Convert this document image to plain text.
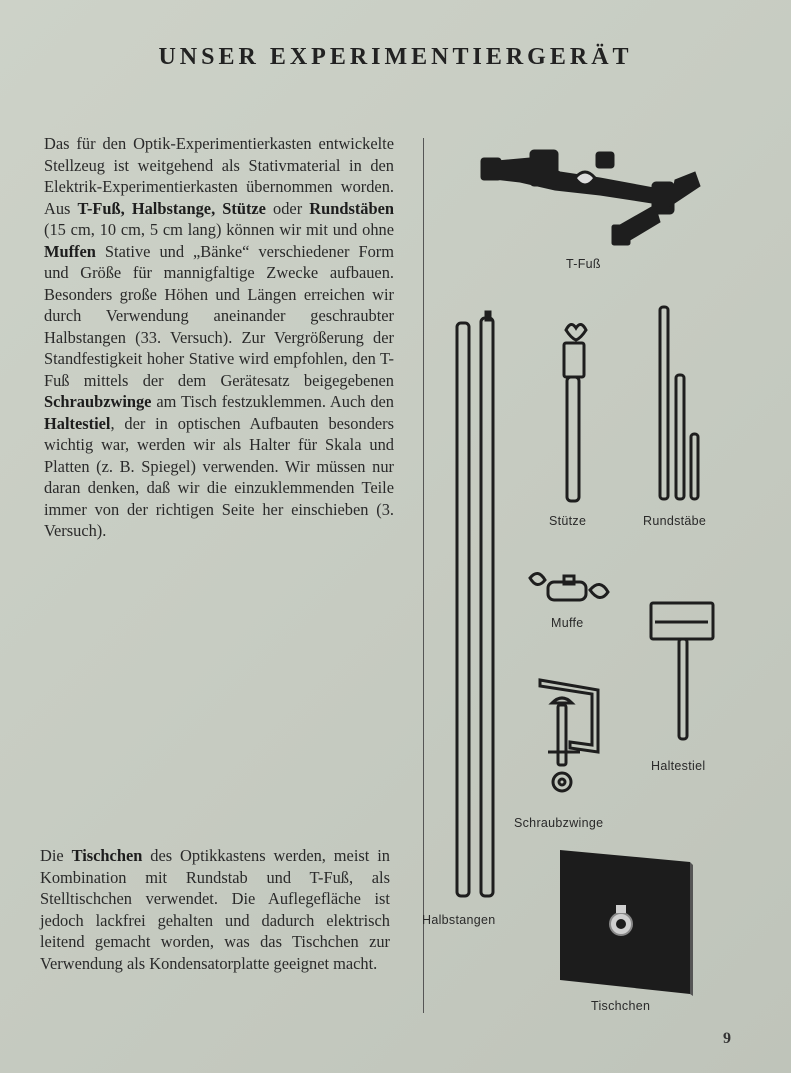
UNSER EXPERIMENTIERGERÄT
Das für den Optik-Experimentierkasten entwickelte Stellzeug ist weitgehend als Stativmaterial in den Elektrik-Experimentierkasten übernommen worden. Aus T-Fuß, Halbstange, Stütze oder Rundstäben (15 cm, 10 cm, 5 cm lang) können wir mit und ohne Muffen Stative und „Bänke“ verschiedener Form und Größe für mannigfaltige Zwecke aufbauen. Besonders große Höhen und Längen erreichen wir durch Verwendung aneinander geschraubter Halbstangen (33. Versuch). Zur Vergrößerung der Standfestigkeit hoher Stative wird empfohlen, den T-Fuß mittels der dem Gerätesatz beigegebenen Schraubzwinge am Tisch festzuklemmen. Auch den Haltestiel, der in optischen Aufbauten besonders wichtig war, werden wir als Halter für Skala und Platten (z. B. Spiegel) verwenden. Wir müssen nur daran denken, daß wir die einzuklemmenden Teile immer von der richtigen Seite her einschieben (3. Versuch).
Die Tischchen des Optikkastens werden, meist in Kombination mit Rundstab und T-Fuß, als Stelltischchen verwendet. Die Auflegefläche ist jedoch lackfrei gehalten und dadurch elektrisch leitend gemacht worden, was das Tischchen zur Verwendung als Kondensatorplatte geeignet macht.
T-Fuß
Stütze	Rundstäbe
Muffe
Haltestiel
Schraubzwinge
Halbstangen
Tischchen
9
